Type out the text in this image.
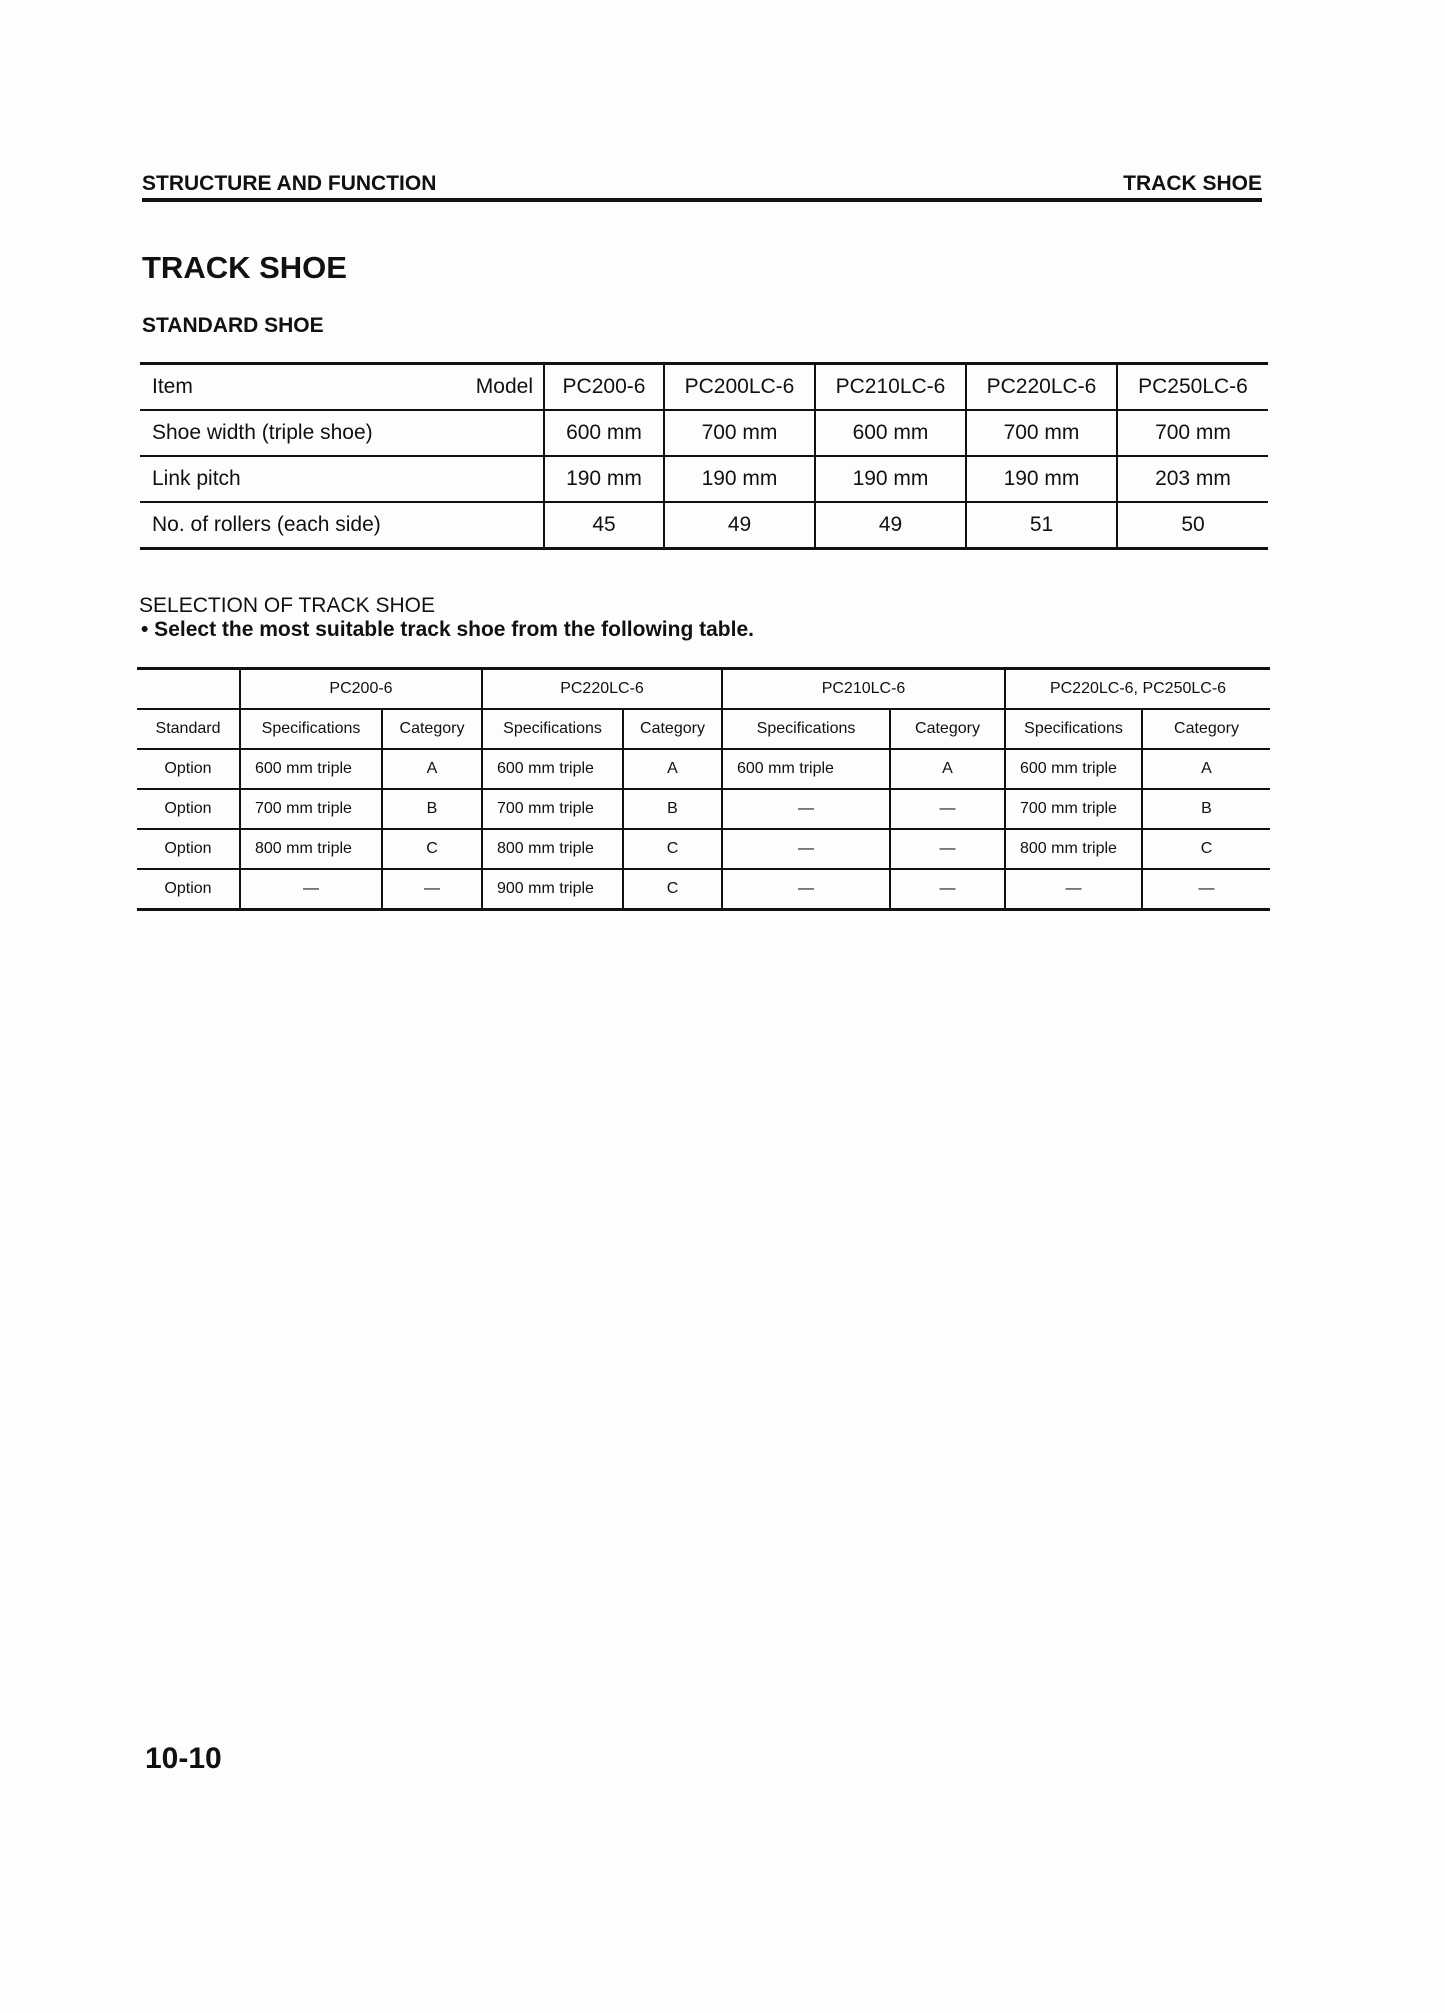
STRUCTURE AND FUNCTION	TRACK SHOE
TRACK SHOE
STANDARD SHOE
Item	Model	PC200-6	PC200LC-6	PC210LC-6	PC220LC-6	PC250LC-6
Shoe width (triple shoe)		600 mm	700 mm	600 mm	700 mm	700 mm
Link pitch		190 mm	190 mm	190 mm	190 mm	203 mm
No. of rollers (each side)		45	49	49	51	50

SELECTION OF TRACK SHOE

• Select the most suitable track shoe from the following table.

	PC200-6		PC220LC-6		PC210LC-6		PC220LC-6, PC250LC-6	
Standard	Specifications	Category	Specifications	Category	Specifications	Category	Specifications	Category
Option	600 mm triple	A	600 mm triple	A	600 mm triple	A	600 mm triple	A
Option	700 mm triple	B	700 mm triple	B	—	—	700 mm triple	B
Option	800 mm triple	C	800 mm triple	C	—	—	800 mm triple	C
Option	—	—	900 mm triple	C	—	—	—	—

10-10
